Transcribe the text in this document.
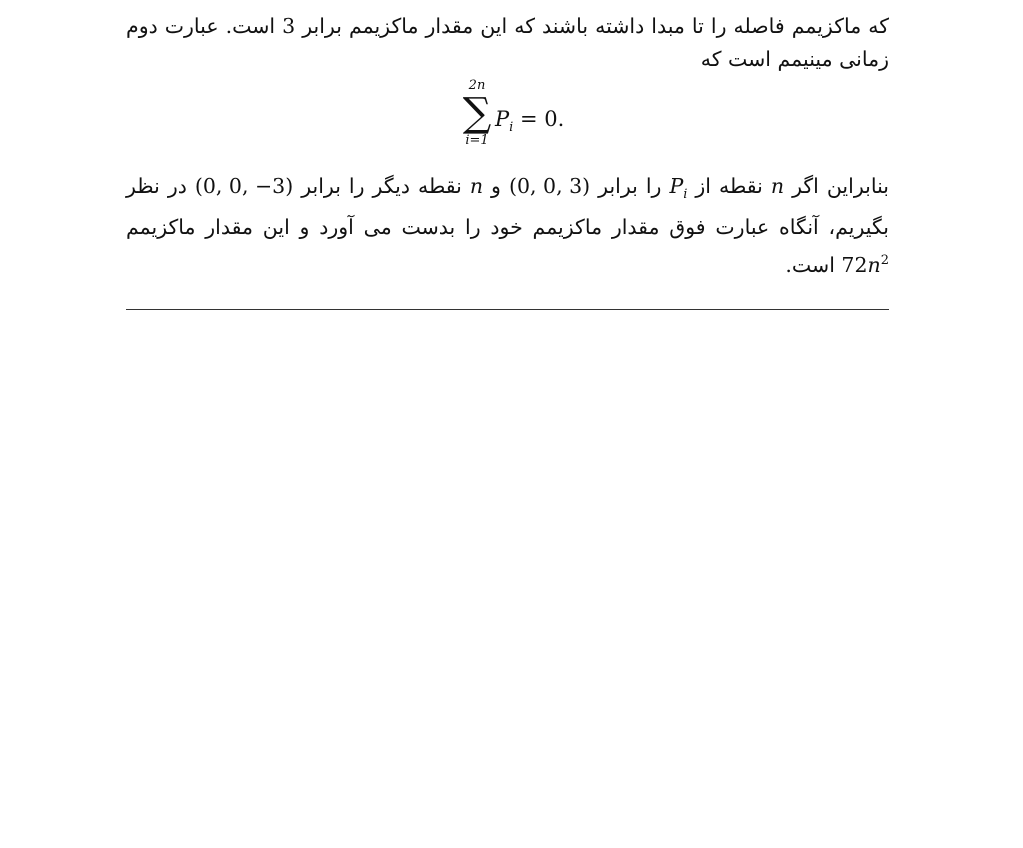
که ماکزیمم فاصله را تا مبدا داشته باشند که این مقدار ماکزیمم برابر 3 است. عبارت دوم زمانی مینیمم است که

2n
∑
i=1
$P_i = 0$.

بنابراین اگر n نقطه از $P_i$ را برابر (0, 0, 3) و n نقطه دیگر را برابر (0, 0, −3) در نظر بگیریم، آنگاه عبارت فوق مقدار ماکزیمم خود را بدست می آورد و این مقدار ماکزیمم $72n^2$ است.
